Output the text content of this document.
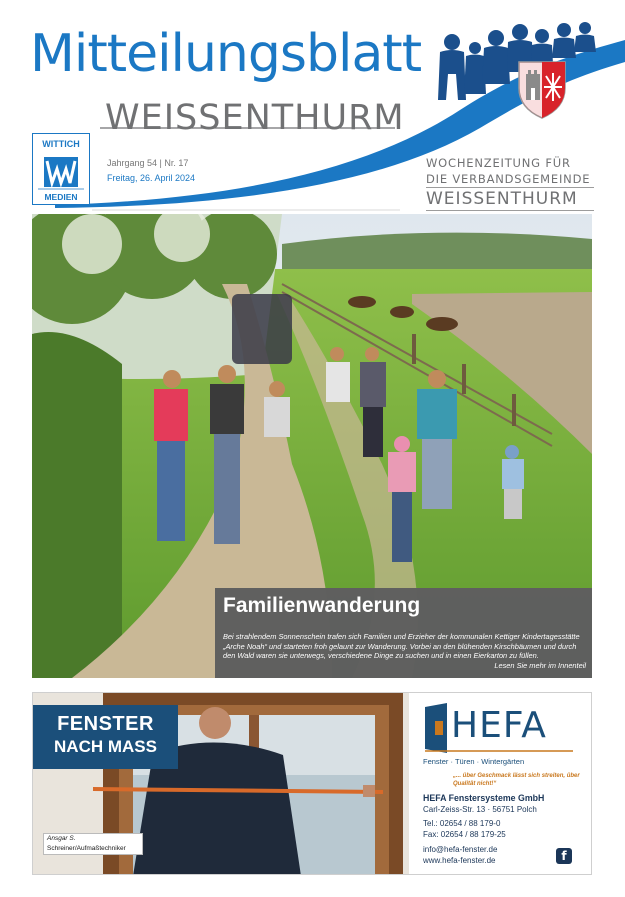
Mitteilungsblatt
WEISSENTHURM
WITTICH
MEDIEN
Jahrgang 54 | Nr. 17
Freitag, 26. April 2024
WOCHENZEITUNG FÜR
DIE VERBANDSGEMEINDE
WEISSENTHURM
Familienwanderung
Bei strahlendem Sonnenschein trafen sich Familien und Erzieher der kommunalen Kettiger Kindertagesstätte „Arche Noah“ und starteten froh gelaunt zur Wanderung. Vorbei an den blühenden Kirschbäumen und durch den Wald waren sie unterwegs, verschiedene Dinge zu suchen und in einen Eierkarton zu füllen.
Lesen Sie mehr im Innenteil
FENSTER
NACH MASS
Ansgar S.
Schreiner/Aufmaßtechniker
HEFA
Fenster · Türen · Wintergärten
„... über Geschmack lässt sich streiten, über Qualität nicht!“
HEFA Fenstersysteme GmbH
Carl-Zeiss-Str. 13 · 56751 Polch
Tel.: 02654 / 88 179-0
Fax: 02654 / 88 179-25
info@hefa-fenster.de
www.hefa-fenster.de	f
